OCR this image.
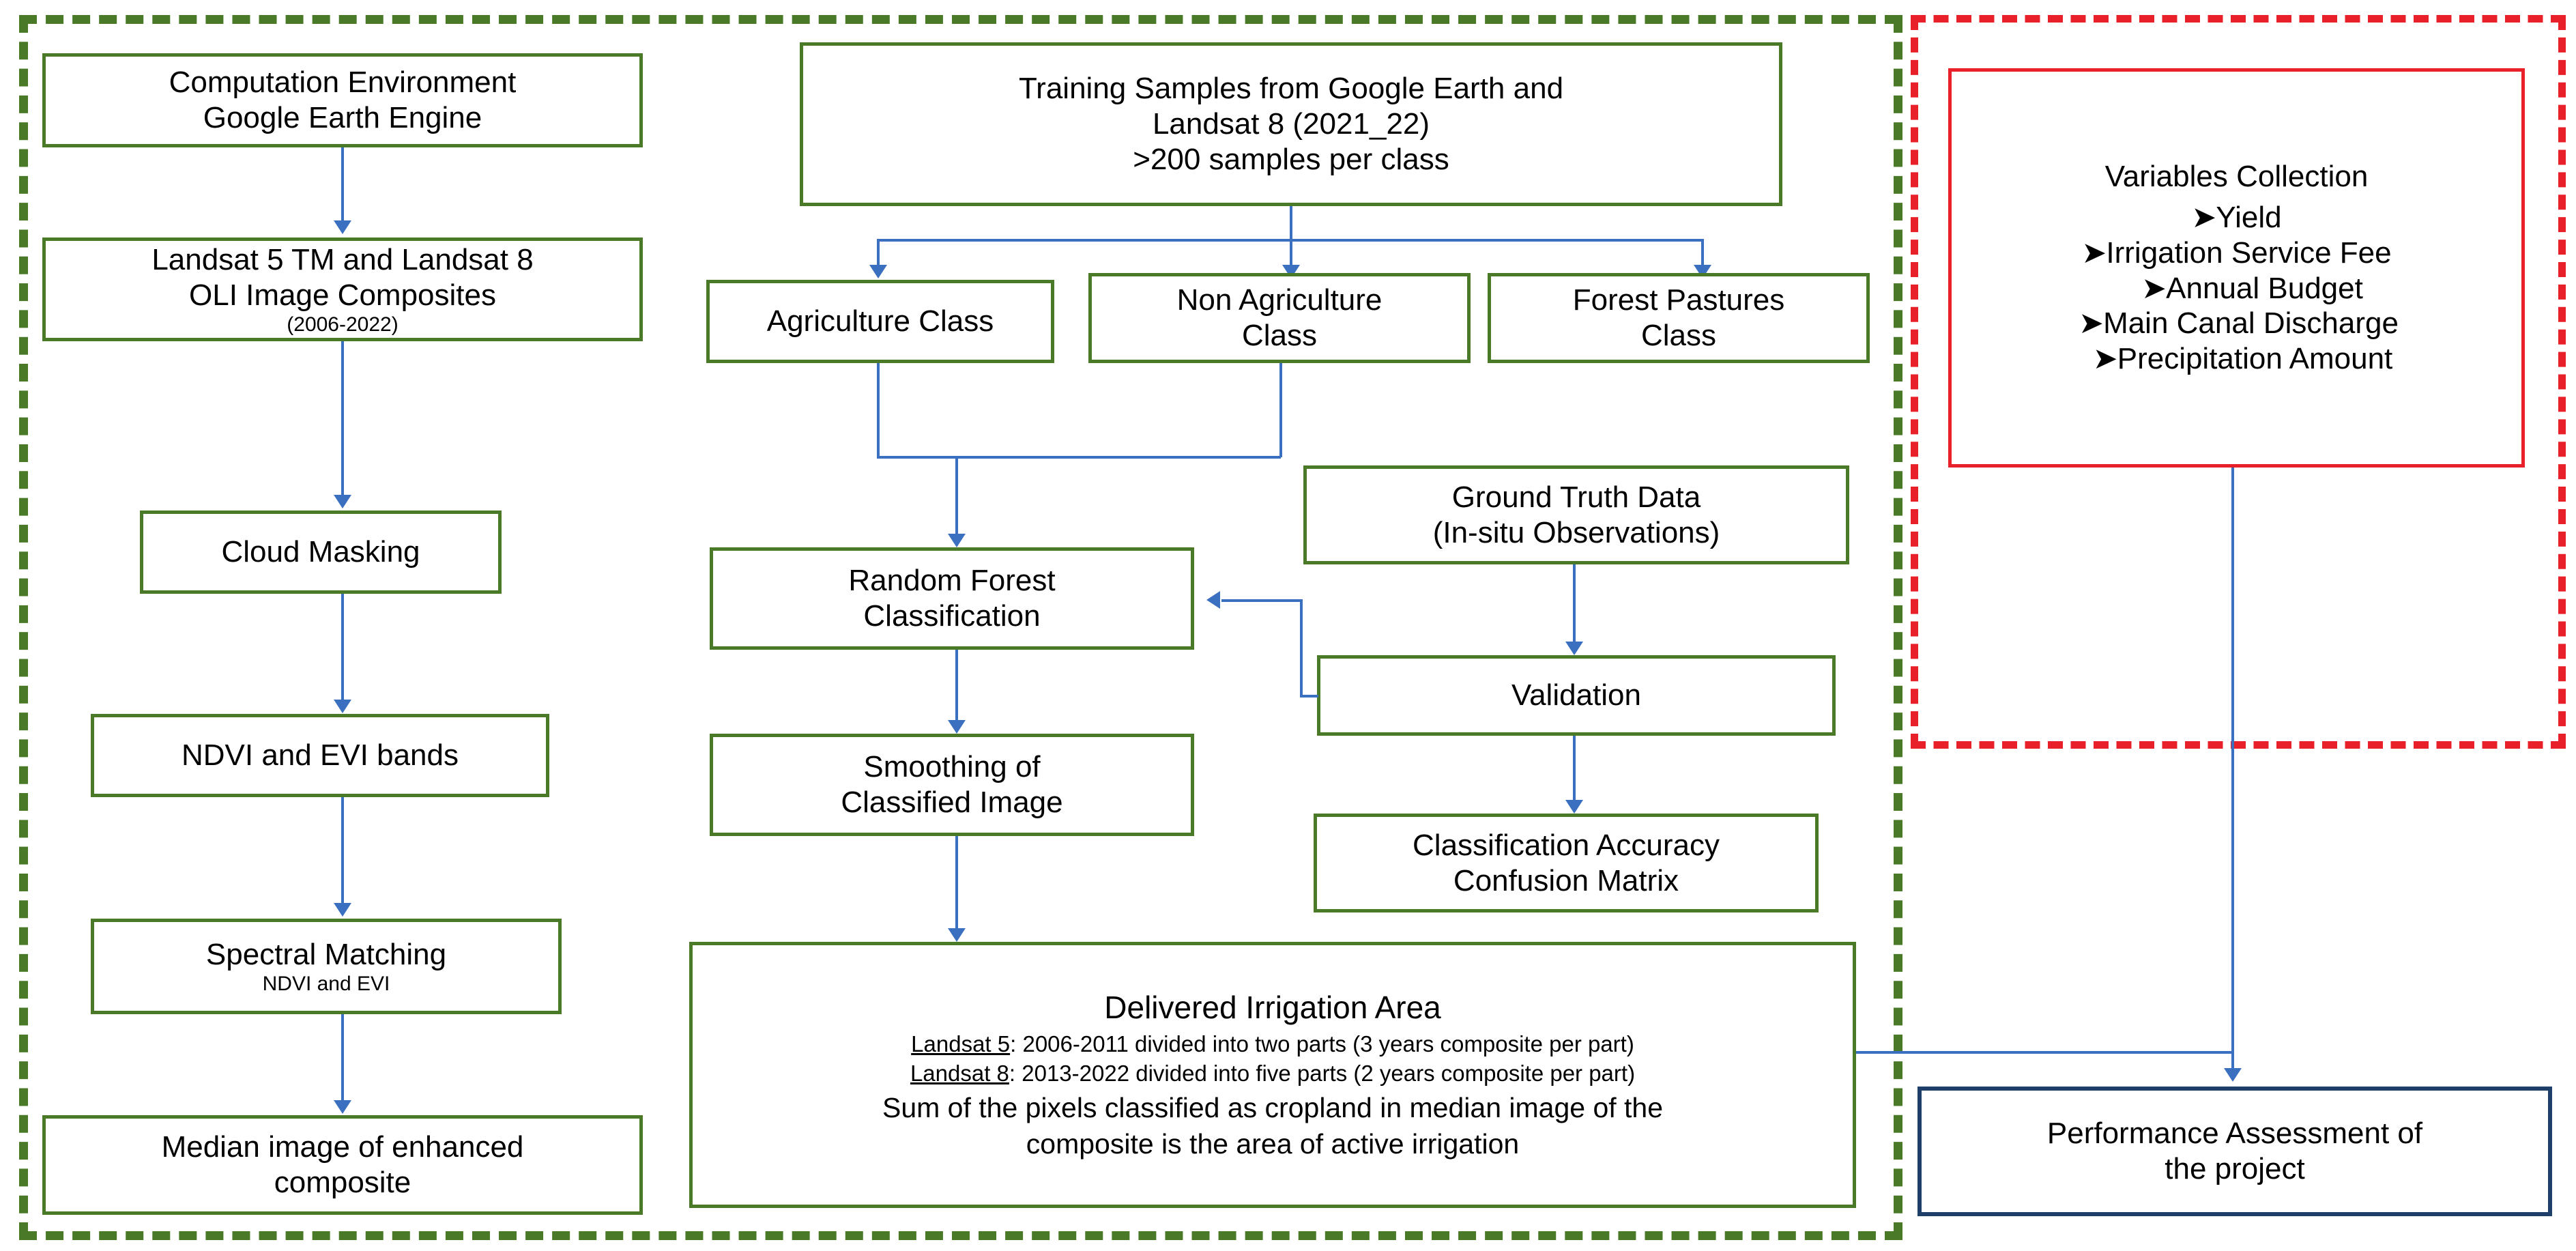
Computation Environment
Google Earth Engine
Landsat 5 TM and Landsat 8
OLI Image Composites
(2006-2022)
Cloud Masking
NDVI and EVI bands
Spectral Matching
NDVI and EVI
Median image of enhanced
composite
Training Samples from Google Earth and
Landsat 8 (2021_22)
>200 samples per class
Agriculture Class
Non Agriculture
Class
Forest Pastures
Class
Random Forest
Classification
Smoothing of
Classified Image
Ground Truth Data
(In-situ Observations)
Validation
Classification Accuracy
Confusion Matrix
Delivered Irrigation Area
Landsat 5: 2006-2011 divided into two parts (3 years composite per part)
Landsat 8: 2013-2022 divided into five parts (2 years composite per part)
Sum of the pixels classified as cropland in median image of the
composite is the area of active irrigation
Variables Collection
➤Yield
➤Irrigation Service Fee
➤Annual Budget
➤Main Canal Discharge
➤Precipitation Amount
Performance Assessment of
the project
